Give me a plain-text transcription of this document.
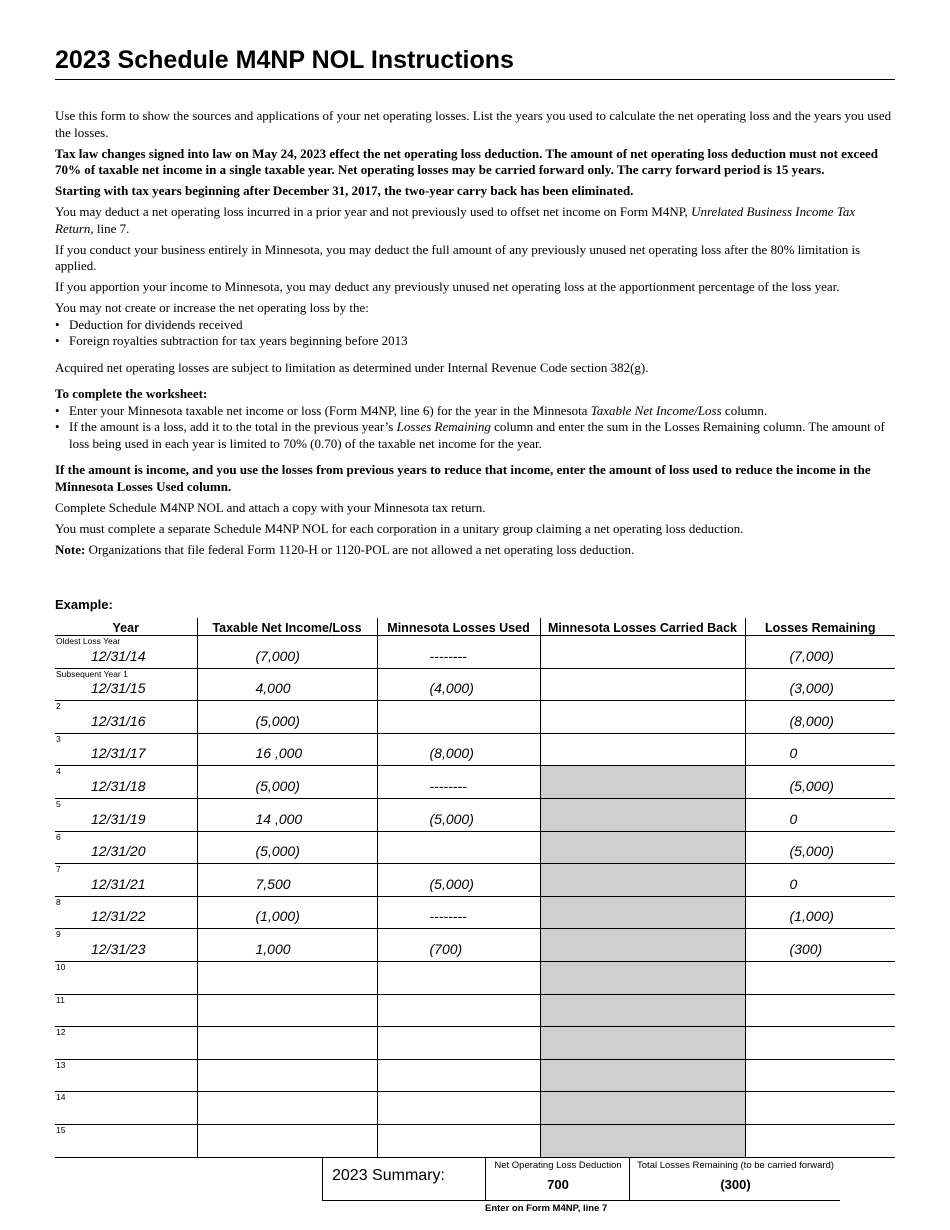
2023 Schedule M4NP NOL Instructions

Use this form to show the sources and applications of your net operating losses. List the years you used to calculate the net operating loss and the years you used the losses.

Tax law changes signed into law on May 24, 2023 effect the net operating loss deduction. The amount of net operating loss deduction must not exceed 70% of taxable net income in a single taxable year. Net operating losses may be carried forward only. The carry forward period is 15 years.

Starting with tax years beginning after December 31, 2017, the two-year carry back has been eliminated.

You may deduct a net operating loss incurred in a prior year and not previously used to offset net income on Form M4NP, Unrelated Business Income Tax Return, line 7.

If you conduct your business entirely in Minnesota, you may deduct the full amount of any previously unused net operating loss after the 80% limitation is applied.

If you apportion your income to Minnesota, you may deduct any previously unused net operating loss at the apportionment percentage of the loss year.

You may not create or increase the net operating loss by the:

• Deduction for dividends received
• Foreign royalties subtraction for tax years beginning before 2013

Acquired net operating losses are subject to limitation as determined under Internal Revenue Code section 382(g).

To complete the worksheet:

• Enter your Minnesota taxable net income or loss (Form M4NP, line 6) for the year in the Minnesota Taxable Net Income/Loss column.
• If the amount is a loss, add it to the total in the previous year’s Losses Remaining column and enter the sum in the Losses Remaining column. The amount of loss being used in each year is limited to 70% (0.70) of the taxable net income for the year.

If the amount is income, and you use the losses from previous years to reduce that income, enter the amount of loss used to reduce the income in the Minnesota Losses Used column.

Complete Schedule M4NP NOL and attach a copy with your Minnesota tax return.

You must complete a separate Schedule M4NP NOL for each corporation in a unitary group claiming a net operating loss deduction.

Note: Organizations that file federal Form 1120-H or 1120-POL are not allowed a net operating loss deduction.

Example:
Year	Taxable Net Income/Loss	Minnesota Losses Used	Minnesota Losses Carried Back	Losses Remaining

Oldest Loss Year
12/31/14	(7,000)	--------		(7,000)

Subsequent Year 1
12/31/15	4,000	(4,000)		(3,000)

2
12/31/16	(5,000)			(8,000)

3
12/31/17	16 ,000	(8,000)		0

4
12/31/18	(5,000)	--------		(5,000)

5
12/31/19	14 ,000	(5,000)		0

6
12/31/20	(5,000)			(5,000)

7
12/31/21	7,500	(5,000)		0

8
12/31/22	(1,000)	--------		(1,000)

9
12/31/23	1,000	(700)		(300)

10				

11				

12				

13				

14				

15				

2023 Summary:
Net Operating Loss Deduction
700
Total Losses Remaining (to be carried forward)
(300)
Enter on Form M4NP, line 7
